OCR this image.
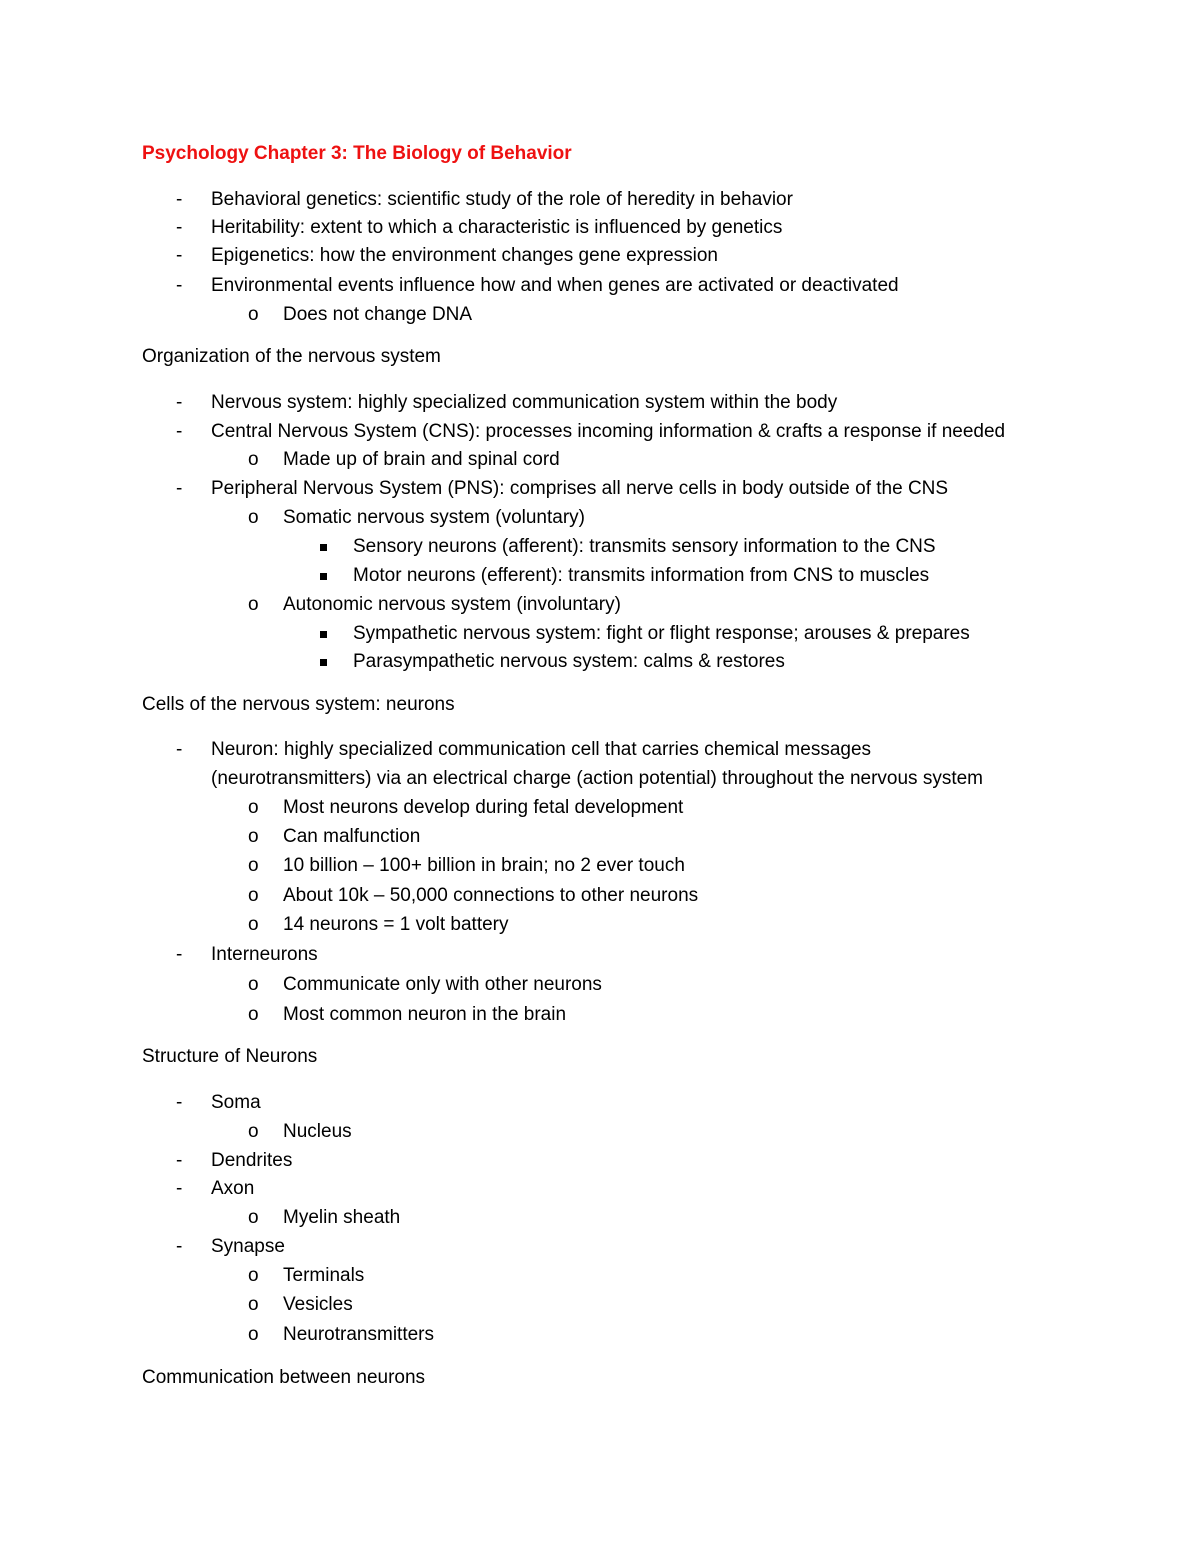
Psychology Chapter 3: The Biology of Behavior
- Behavioral genetics: scientific study of the role of heredity in behavior
- Heritability: extent to which a characteristic is influenced by genetics
- Epigenetics: how the environment changes gene expression
- Environmental events influence how and when genes are activated or deactivated
o Does not change DNA
Organization of the nervous system
- Nervous system: highly specialized communication system within the body
- Central Nervous System (CNS): processes incoming information & crafts a response if needed
o Made up of brain and spinal cord
- Peripheral Nervous System (PNS): comprises all nerve cells in body outside of the CNS
o Somatic nervous system (voluntary)
Sensory neurons (afferent): transmits sensory information to the CNS
Motor neurons (efferent): transmits information from CNS to muscles
o Autonomic nervous system (involuntary)
Sympathetic nervous system: fight or flight response; arouses & prepares
Parasympathetic nervous system: calms & restores
Cells of the nervous system: neurons
- Neuron: highly specialized communication cell that carries chemical messages
(neurotransmitters) via an electrical charge (action potential) throughout the nervous system
o Most neurons develop during fetal development
o Can malfunction
o 10 billion – 100+ billion in brain; no 2 ever touch
o About 10k – 50,000 connections to other neurons
o 14 neurons = 1 volt battery
- Interneurons
o Communicate only with other neurons
o Most common neuron in the brain
Structure of Neurons
- Soma
o Nucleus
- Dendrites
- Axon
o Myelin sheath
- Synapse
o Terminals
o Vesicles
o Neurotransmitters
Communication between neurons
